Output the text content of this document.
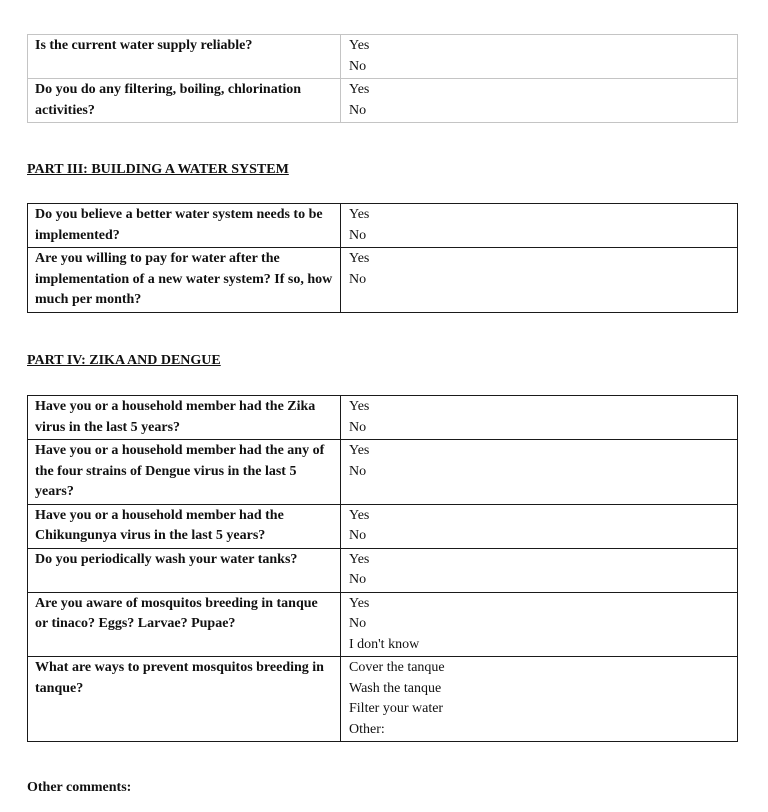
Is the current water supply reliable?	Yes
No

Do you do any filtering, boiling, chlorination activities?	Yes
No
PART III: BUILDING A WATER SYSTEM
Do you believe a better water system needs to be implemented?	Yes
No

Are you willing to pay for water after the implementation of a new water system? If so, how much per month?	Yes
No
PART IV: ZIKA AND DENGUE
Have you or a household member had the Zika virus in the last 5 years?	Yes
No

Have you or a household member had the any of the four strains of Dengue virus in the last 5 years?	Yes
No

Have you or a household member had the Chikungunya virus in the last 5 years?	Yes
No

Do you periodically wash your water tanks?	Yes
No

Are you aware of mosquitos breeding in tanque or tinaco? Eggs? Larvae? Pupae?	Yes
No
I don't know

What are ways to prevent mosquitos breeding in tanque?	Cover the tanque
Wash the tanque
Filter your water
Other:
Other comments:
